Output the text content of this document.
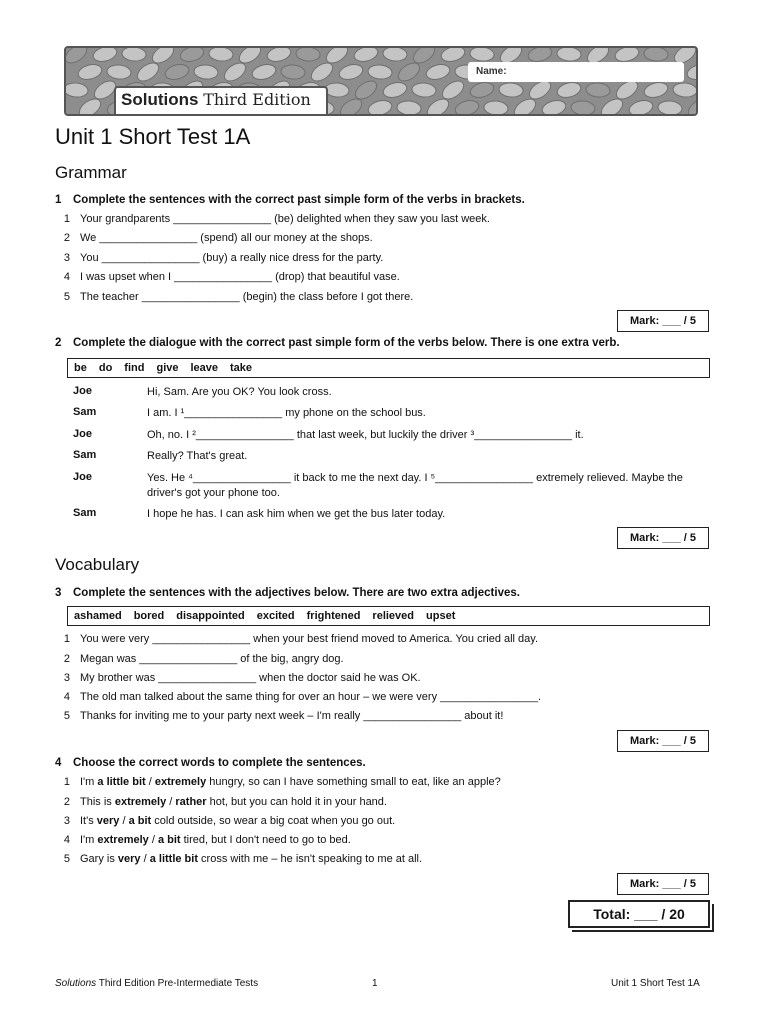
Name:
Solutions Third Edition
Unit 1 Short Test 1A
Grammar
1 Complete the sentences with the correct past simple form of the verbs in brackets.
1 Your grandparents ________________ (be) delighted when they saw you last week.
2 We ________________ (spend) all our money at the shops.
3 You ________________ (buy) a really nice dress for the party.
4 I was upset when I ________________ (drop) that beautiful vase.
5 The teacher ________________ (begin) the class before I got there.
Mark: ___ / 5
2 Complete the dialogue with the correct past simple form of the verbs below. There is one extra verb.
be do find give leave take
Joe	Hi, Sam. Are you OK? You look cross.
Sam	I am. I ¹________________ my phone on the school bus.
Joe	Oh, no. I ²________________ that last week, but luckily the driver ³________________ it.
Sam	Really? That's great.
Joe	Yes. He ⁴________________ it back to me the next day. I ⁵________________ extremely relieved. Maybe the driver's got your phone too.
Sam	I hope he has. I can ask him when we get the bus later today.
Mark: ___ / 5
Vocabulary
3 Complete the sentences with the adjectives below. There are two extra adjectives.
ashamed bored disappointed excited frightened relieved upset
1 You were very ________________ when your best friend moved to America. You cried all day.
2 Megan was ________________ of the big, angry dog.
3 My brother was ________________ when the doctor said he was OK.
4 The old man talked about the same thing for over an hour – we were very ________________.
5 Thanks for inviting me to your party next week – I'm really ________________ about it!
Mark: ___ / 5
4 Choose the correct words to complete the sentences.
1 I'm a little bit / extremely hungry, so can I have something small to eat, like an apple?
2 This is extremely / rather hot, but you can hold it in your hand.
3 It's very / a bit cold outside, so wear a big coat when you go out.
4 I'm extremely / a bit tired, but I don't need to go to bed.
5 Gary is very / a little bit cross with me – he isn't speaking to me at all.
Mark: ___ / 5
Total: ___ / 20
Solutions Third Edition Pre-Intermediate Tests	1	Unit 1 Short Test 1A
